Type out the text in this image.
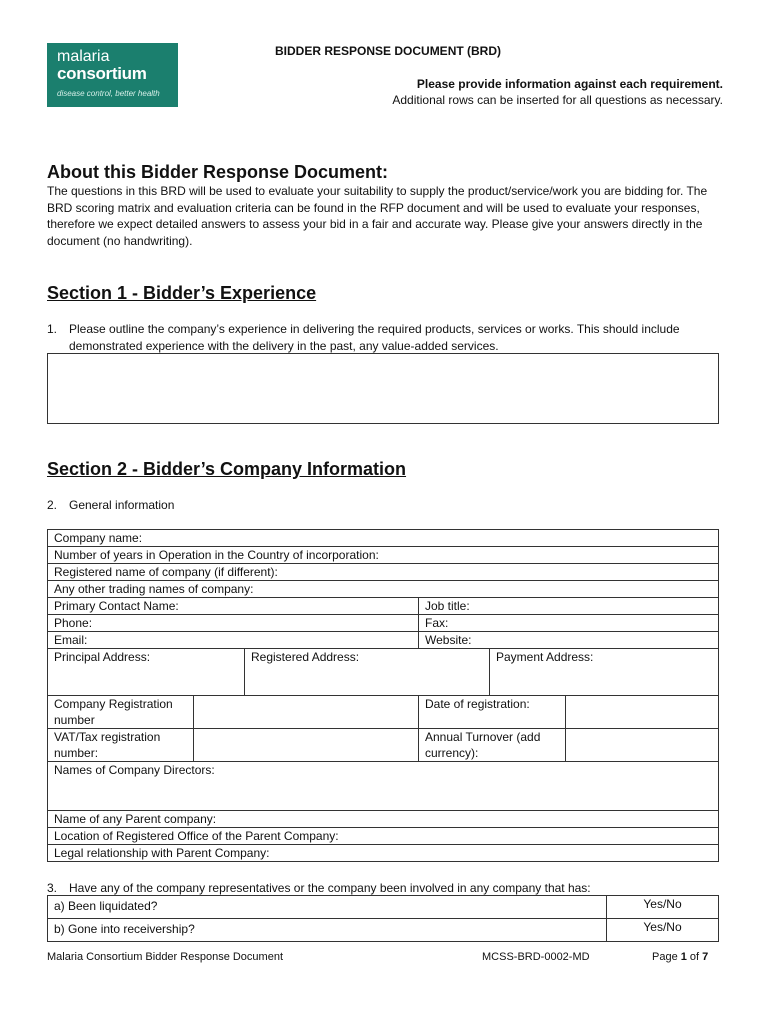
malaria
consortium
disease control, better health
BIDDER RESPONSE DOCUMENT (BRD)
Please provide information against each requirement.
Additional rows can be inserted for all questions as necessary.
About this Bidder Response Document:
The questions in this BRD will be used to evaluate your suitability to supply the product/service/work you are bidding for. The BRD scoring matrix and evaluation criteria can be found in the RFP document and will be used to evaluate your responses, therefore we expect detailed answers to assess your bid in a fair and accurate way. Please give your answers directly in the document (no handwriting).
Section 1 - Bidder’s Experience
1. Please outline the company’s experience in delivering the required products, services or works. This should include demonstrated experience with the delivery in the past, any value-added services.
Section 2 - Bidder’s Company Information
2. General information
Company name:					
Number of years in Operation in the Country of incorporation:					
Registered name of company (if different):					
Any other trading names of company:					
Primary Contact Name:			Job title:		
Phone:			Fax:		
Email:			Website:		
Principal Address:		Registered Address:		Payment Address:	
Company Registration number			Date of registration:		
VAT/Tax registration number:			Annual Turnover (add currency):		
Names of Company Directors:					
Name of any Parent company:					
Location of Registered Office of the Parent Company:					
Legal relationship with Parent Company:					
3. Have any of the company representatives or the company been involved in any company that has:
a) Been liquidated?	Yes/No
b) Gone into receivership?	Yes/No
Malaria Consortium Bidder Response Document	MCSS-BRD-0002-MD	Page 1 of 7
